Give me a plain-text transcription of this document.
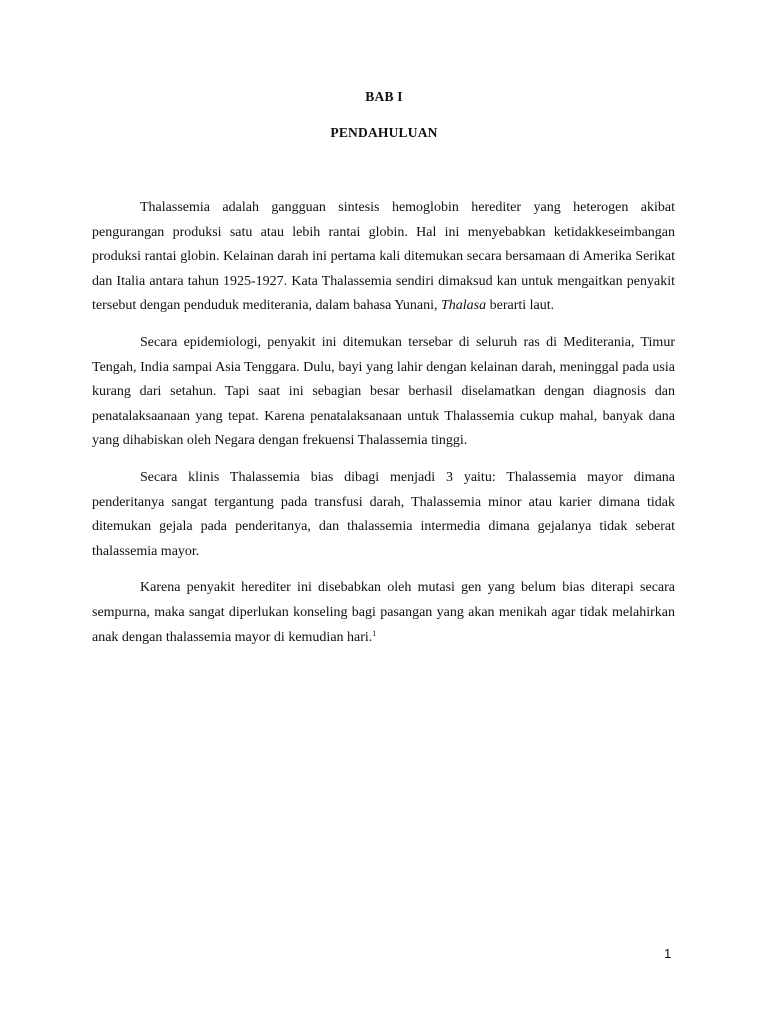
BAB I
PENDAHULUAN

Thalassemia adalah gangguan sintesis hemoglobin herediter yang heterogen akibat pengurangan produksi satu atau lebih rantai globin. Hal ini menyebabkan ketidakkeseimbangan produksi rantai globin. Kelainan darah ini pertama kali ditemukan secara bersamaan di Amerika Serikat dan Italia antara tahun 1925-1927. Kata Thalassemia sendiri dimaksud kan untuk mengaitkan penyakit tersebut dengan penduduk mediterania, dalam bahasa Yunani, Thalasa berarti laut.

Secara epidemiologi, penyakit ini ditemukan tersebar di seluruh ras di Mediterania, Timur Tengah, India sampai Asia Tenggara. Dulu, bayi yang lahir dengan kelainan darah, meninggal pada usia kurang dari setahun. Tapi saat ini sebagian besar berhasil diselamatkan dengan diagnosis dan penatalaksaanaan yang tepat. Karena penatalaksanaan untuk Thalassemia cukup mahal, banyak dana yang dihabiskan oleh Negara dengan frekuensi Thalassemia tinggi.

Secara klinis Thalassemia bias dibagi menjadi 3 yaitu: Thalassemia mayor dimana penderitanya sangat tergantung pada transfusi darah, Thalassemia minor atau karier dimana tidak ditemukan gejala pada penderitanya, dan thalassemia intermedia dimana gejalanya tidak seberat thalassemia mayor.

Karena penyakit herediter ini disebabkan oleh mutasi gen yang belum bias diterapi secara sempurna, maka sangat diperlukan konseling bagi pasangan yang akan menikah agar tidak melahirkan anak dengan thalassemia mayor di kemudian hari.$^1$

1
